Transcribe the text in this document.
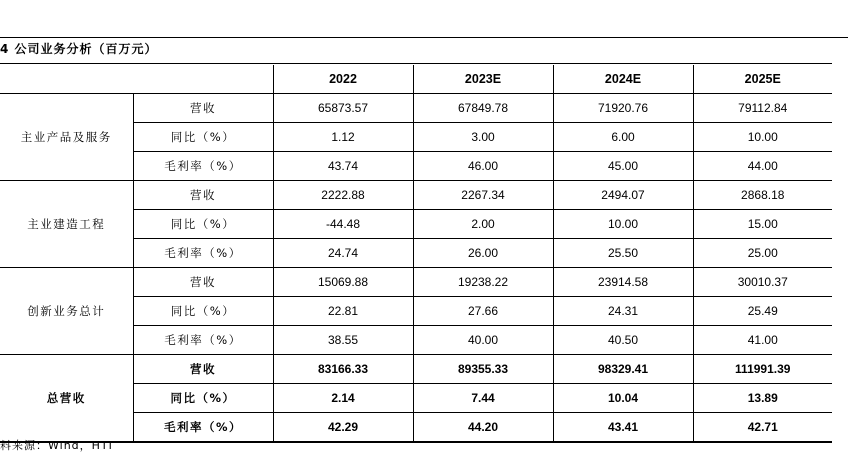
4 公司业务分析（百万元）
		2022	2023E	2024E	2025E
主业产品及服务	营收	65873.57	67849.78	71920.76	79112.84
	同比（%）	1.12	3.00	6.00	10.00
	毛利率（%）	43.74	46.00	45.00	44.00
主业建造工程	营收	2222.88	2267.34	2494.07	2868.18
	同比（%）	-44.48	2.00	10.00	15.00
	毛利率（%）	24.74	26.00	25.50	25.00
创新业务总计	营收	15069.88	19238.22	23914.58	30010.37
	同比（%）	22.81	27.66	24.31	25.49
	毛利率（%）	38.55	40.00	40.50	41.00
总营收	营收	83166.33	89355.33	98329.41	111991.39
	同比（%）	2.14	7.44	10.04	13.89
	毛利率（%）	42.29	44.20	43.41	42.71
料来源：Wind，HTI
